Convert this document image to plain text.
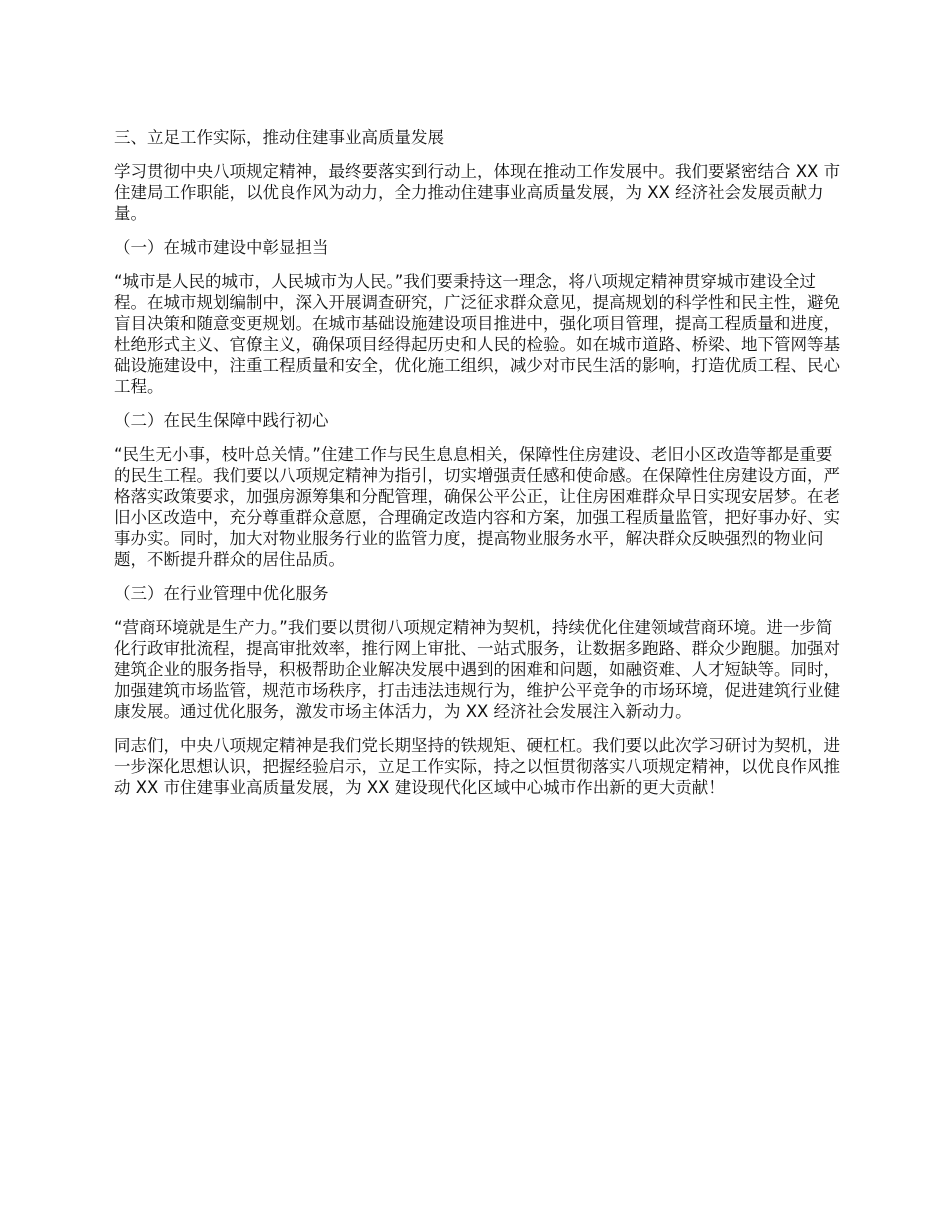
三、立足工作实际，推动住建事业高质量发展

学习贯彻中央八项规定精神，最终要落实到行动上，体现在推动工作发展中。我们要紧密结合 XX 市住建局工作职能，以优良作风为动力，全力推动住建事业高质量发展，为 XX 经济社会发展贡献力量。

（一）在城市建设中彰显担当

“城市是人民的城市，人民城市为人民。”我们要秉持这一理念，将八项规定精神贯穿城市建设全过程。在城市规划编制中，深入开展调查研究，广泛征求群众意见，提高规划的科学性和民主性，避免盲目决策和随意变更规划。在城市基础设施建设项目推进中，强化项目管理，提高工程质量和进度，杜绝形式主义、官僚主义，确保项目经得起历史和人民的检验。如在城市道路、桥梁、地下管网等基础设施建设中，注重工程质量和安全，优化施工组织，减少对市民生活的影响，打造优质工程、民心工程。

（二）在民生保障中践行初心

“民生无小事，枝叶总关情。”住建工作与民生息息相关，保障性住房建设、老旧小区改造等都是重要的民生工程。我们要以八项规定精神为指引，切实增强责任感和使命感。在保障性住房建设方面，严格落实政策要求，加强房源筹集和分配管理，确保公平公正，让住房困难群众早日实现安居梦。在老旧小区改造中，充分尊重群众意愿，合理确定改造内容和方案，加强工程质量监管，把好事办好、实事办实。同时，加大对物业服务行业的监管力度，提高物业服务水平，解决群众反映强烈的物业问题，不断提升群众的居住品质。

（三）在行业管理中优化服务

“营商环境就是生产力。”我们要以贯彻八项规定精神为契机，持续优化住建领域营商环境。进一步简化行政审批流程，提高审批效率，推行网上审批、一站式服务，让数据多跑路、群众少跑腿。加强对建筑企业的服务指导，积极帮助企业解决发展中遇到的困难和问题，如融资难、人才短缺等。同时，加强建筑市场监管，规范市场秩序，打击违法违规行为，维护公平竞争的市场环境，促进建筑行业健康发展。通过优化服务，激发市场主体活力，为 XX 经济社会发展注入新动力。

同志们，中央八项规定精神是我们党长期坚持的铁规矩、硬杠杠。我们要以此次学习研讨为契机，进一步深化思想认识，把握经验启示，立足工作实际，持之以恒贯彻落实八项规定精神，以优良作风推动 XX 市住建事业高质量发展，为 XX 建设现代化区域中心城市作出新的更大贡献！
